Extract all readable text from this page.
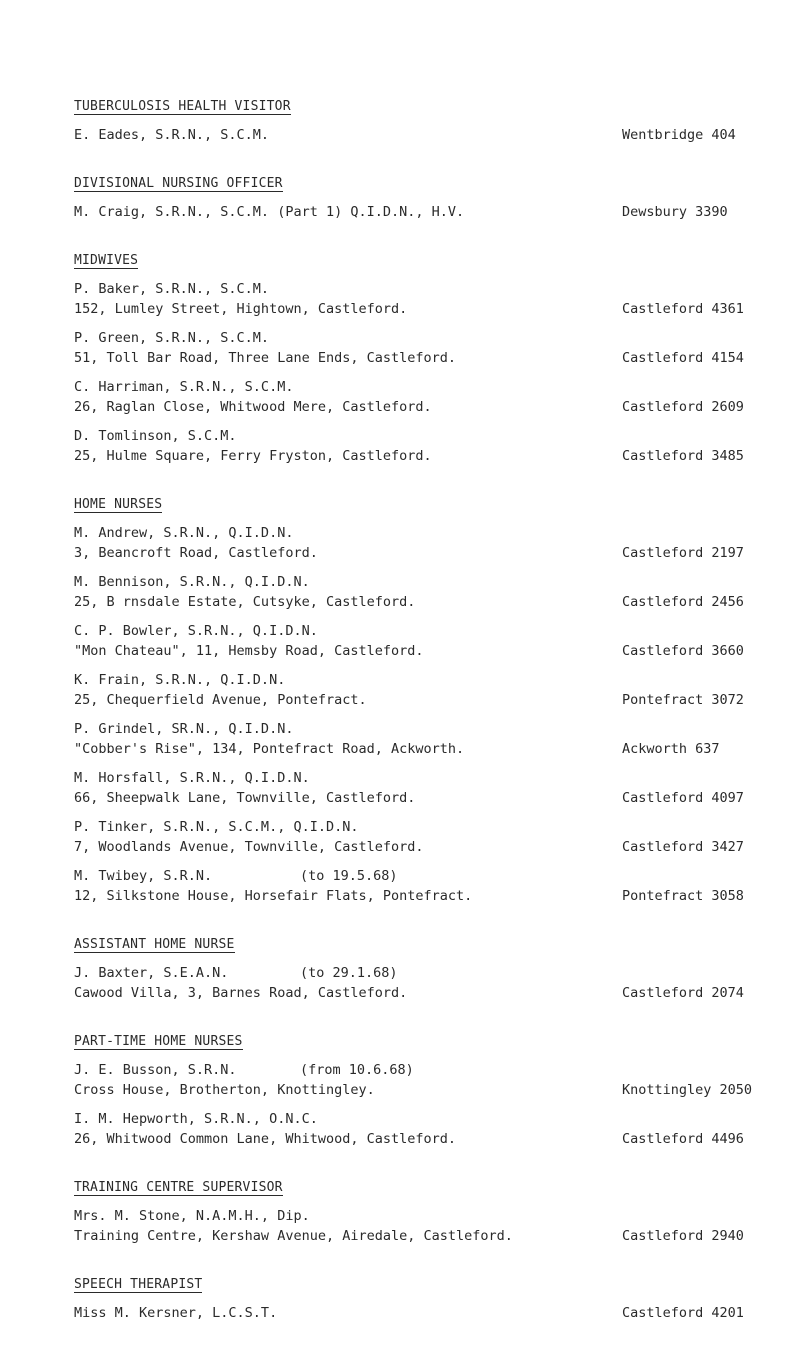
TUBERCULOSIS HEALTH VISITOR
E. Eades, S.R.N., S.C.M.	Wentbridge 404
DIVISIONAL NURSING OFFICER
M. Craig, S.R.N., S.C.M. (Part 1) Q.I.D.N., H.V.	Dewsbury 3390
MIDWIVES
P. Baker, S.R.N., S.C.M.
152, Lumley Street, Hightown, Castleford.	Castleford 4361
P. Green, S.R.N., S.C.M.
51, Toll Bar Road, Three Lane Ends, Castleford.	Castleford 4154
C. Harriman, S.R.N., S.C.M.
26, Raglan Close, Whitwood Mere, Castleford.	Castleford 2609
D. Tomlinson, S.C.M.
25, Hulme Square, Ferry Fryston, Castleford.	Castleford 3485
HOME NURSES
M. Andrew, S.R.N., Q.I.D.N.
3, Beancroft Road, Castleford.	Castleford 2197
M. Bennison, S.R.N., Q.I.D.N.
25, B rnsdale Estate, Cutsyke, Castleford.	Castleford 2456
C. P. Bowler, S.R.N., Q.I.D.N.
"Mon Chateau", 11, Hemsby Road, Castleford.	Castleford 3660
K. Frain, S.R.N., Q.I.D.N.
25, Chequerfield Avenue, Pontefract.	Pontefract 3072
P. Grindel, SR.N., Q.I.D.N.
"Cobber's Rise", 134, Pontefract Road, Ackworth.	Ackworth 637
M. Horsfall, S.R.N., Q.I.D.N.
66, Sheepwalk Lane, Townville, Castleford.	Castleford 4097
P. Tinker, S.R.N., S.C.M., Q.I.D.N.
7, Woodlands Avenue, Townville, Castleford.	Castleford 3427
M. Twibey, S.R.N.	(to 19.5.68)
12, Silkstone House, Horsefair Flats, Pontefract.	Pontefract 3058
ASSISTANT HOME NURSE
J. Baxter, S.E.A.N.	(to 29.1.68)
Cawood Villa, 3, Barnes Road, Castleford.	Castleford 2074
PART-TIME HOME NURSES
J. E. Busson, S.R.N.	(from 10.6.68)
Cross House, Brotherton, Knottingley.	Knottingley 2050
I. M. Hepworth, S.R.N., O.N.C.
26, Whitwood Common Lane, Whitwood, Castleford.	Castleford 4496
TRAINING CENTRE SUPERVISOR
Mrs. M. Stone, N.A.M.H., Dip.
Training Centre, Kershaw Avenue, Airedale, Castleford.	Castleford 2940
SPEECH THERAPIST
Miss M. Kersner, L.C.S.T.	Castleford 4201
